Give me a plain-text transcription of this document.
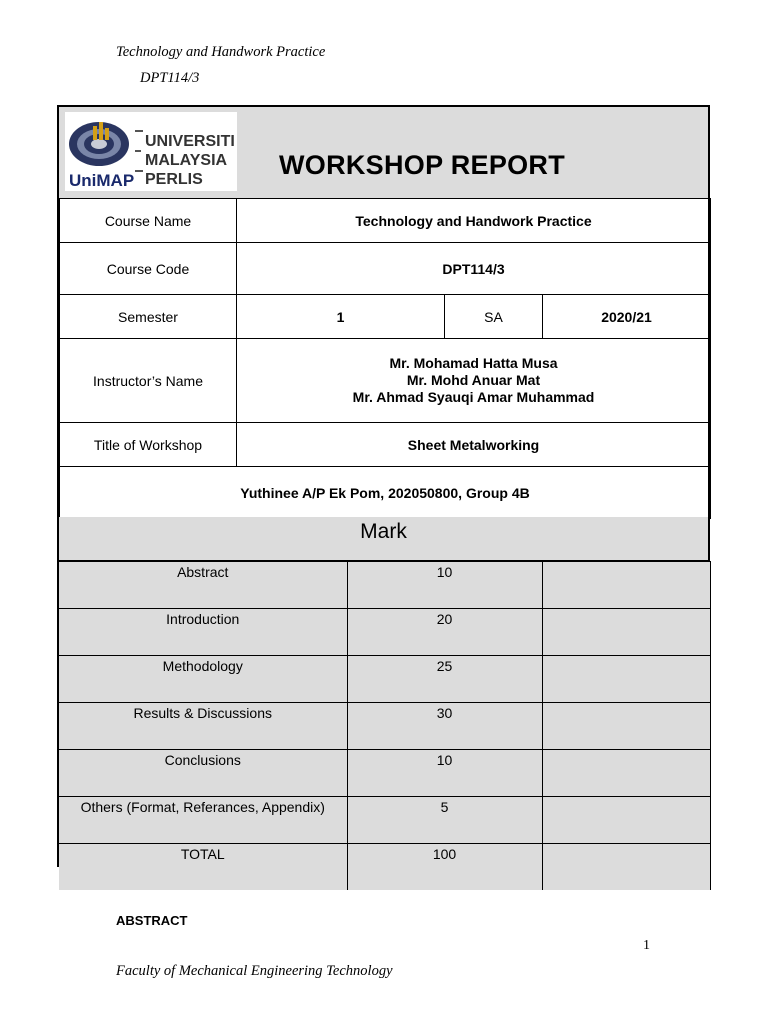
Technology and Handwork Practice
DPT114/3
UniMAP
UNIVERSITI
MALAYSIA
PERLIS	WORKSHOP REPORT
Course Name	Technology and Handwork Practice		
Course Code	DPT114/3		
Semester	1	SA	2020/21
Instructor’s Name	Mr. Mohamad Hatta Musa
Mr. Mohd Anuar Mat
Mr. Ahmad Syauqi Amar Muhammad		

Title of Workshop	Sheet Metalworking		
Yuthinee A/P Ek Pom, 202050800, Group 4B			
Mark
Abstract	10	
Introduction	20	
Methodology	25	
Results & Discussions	30	
Conclusions	10	
Others (Format, Referances, Appendix)	5	
TOTAL	100	
ABSTRACT
1
Faculty of Mechanical Engineering Technology
